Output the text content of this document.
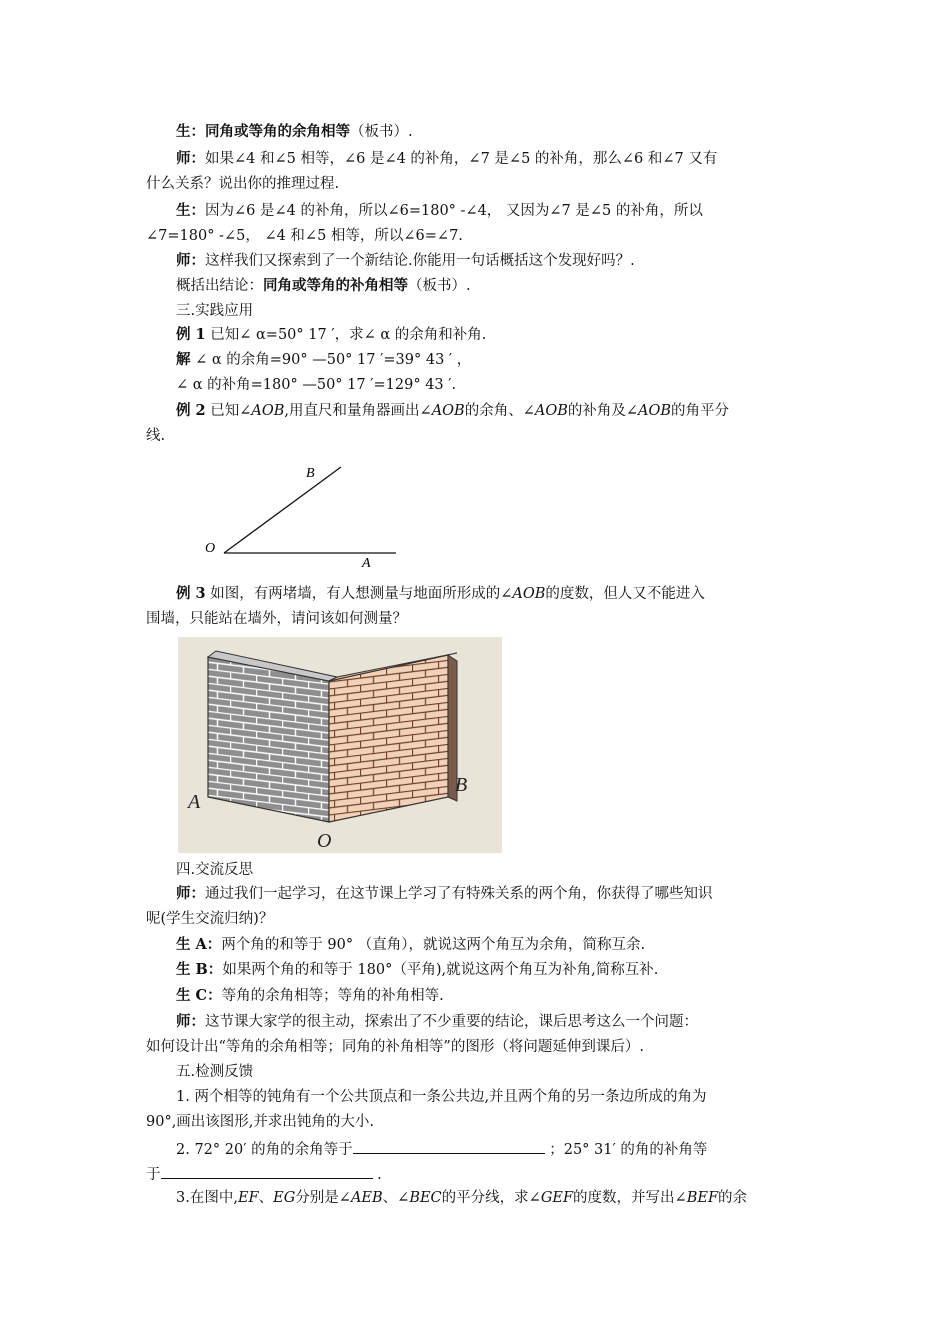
生：同角或等角的余角相等（板书）.
师：如果∠4 和∠5 相等，∠6 是∠4 的补角，∠7 是∠5 的补角，那么∠6 和∠7 又有
什么关系？说出你的推理过程.
生：因为∠6 是∠4 的补角，所以∠6=180° -∠4， 又因为∠7 是∠5 的补角，所以
∠7=180° -∠5， ∠4 和∠5 相等，所以∠6=∠7.
师：这样我们又探索到了一个新结论.你能用一句话概括这个发现好吗？.
概括出结论：同角或等角的补角相等（板书）.
三.实践应用
例 1 已知∠ α=50° 17 ′，求∠ α 的余角和补角.
解 ∠ α 的余角=90° —50° 17 ′=39° 43 ′ ，
∠ α 的补角=180° —50° 17 ′=129° 43 ′.
例 2 已知∠AOB,用直尺和量角器画出∠AOB的余角、∠AOB的补角及∠AOB的角平分
线.
B
O
A
例 3 如图，有两堵墙，有人想测量与地面所形成的∠AOB的度数，但人又不能进入
围墙，只能站在墙外，请问该如何测量？
A
B
O
四.交流反思
师：通过我们一起学习，在这节课上学习了有特殊关系的两个角，你获得了哪些知识
呢(学生交流归纳)？
生 A：两个角的和等于 90° （直角），就说这两个角互为余角，简称互余.
生 B：如果两个角的和等于 180°（平角),就说这两个角互为补角,简称互补.
生 C：等角的余角相等；等角的补角相等.
师：这节课大家学的很主动，探索出了不少重要的结论，课后思考这么一个问题：
如何设计出“等角的余角相等；同角的补角相等”的图形（将问题延伸到课后）.
五.检测反馈
1. 两个相等的钝角有一个公共顶点和一条公共边,并且两个角的另一条边所成的角为
90°,画出该图形,并求出钝角的大小.
2. 72° 20′ 的角的余角等于	；25° 31′ 的角的补角等
于	.
3.在图中,EF、EG分别是∠AEB、∠BEC的平分线，求∠GEF的度数，并写出∠BEF的余
